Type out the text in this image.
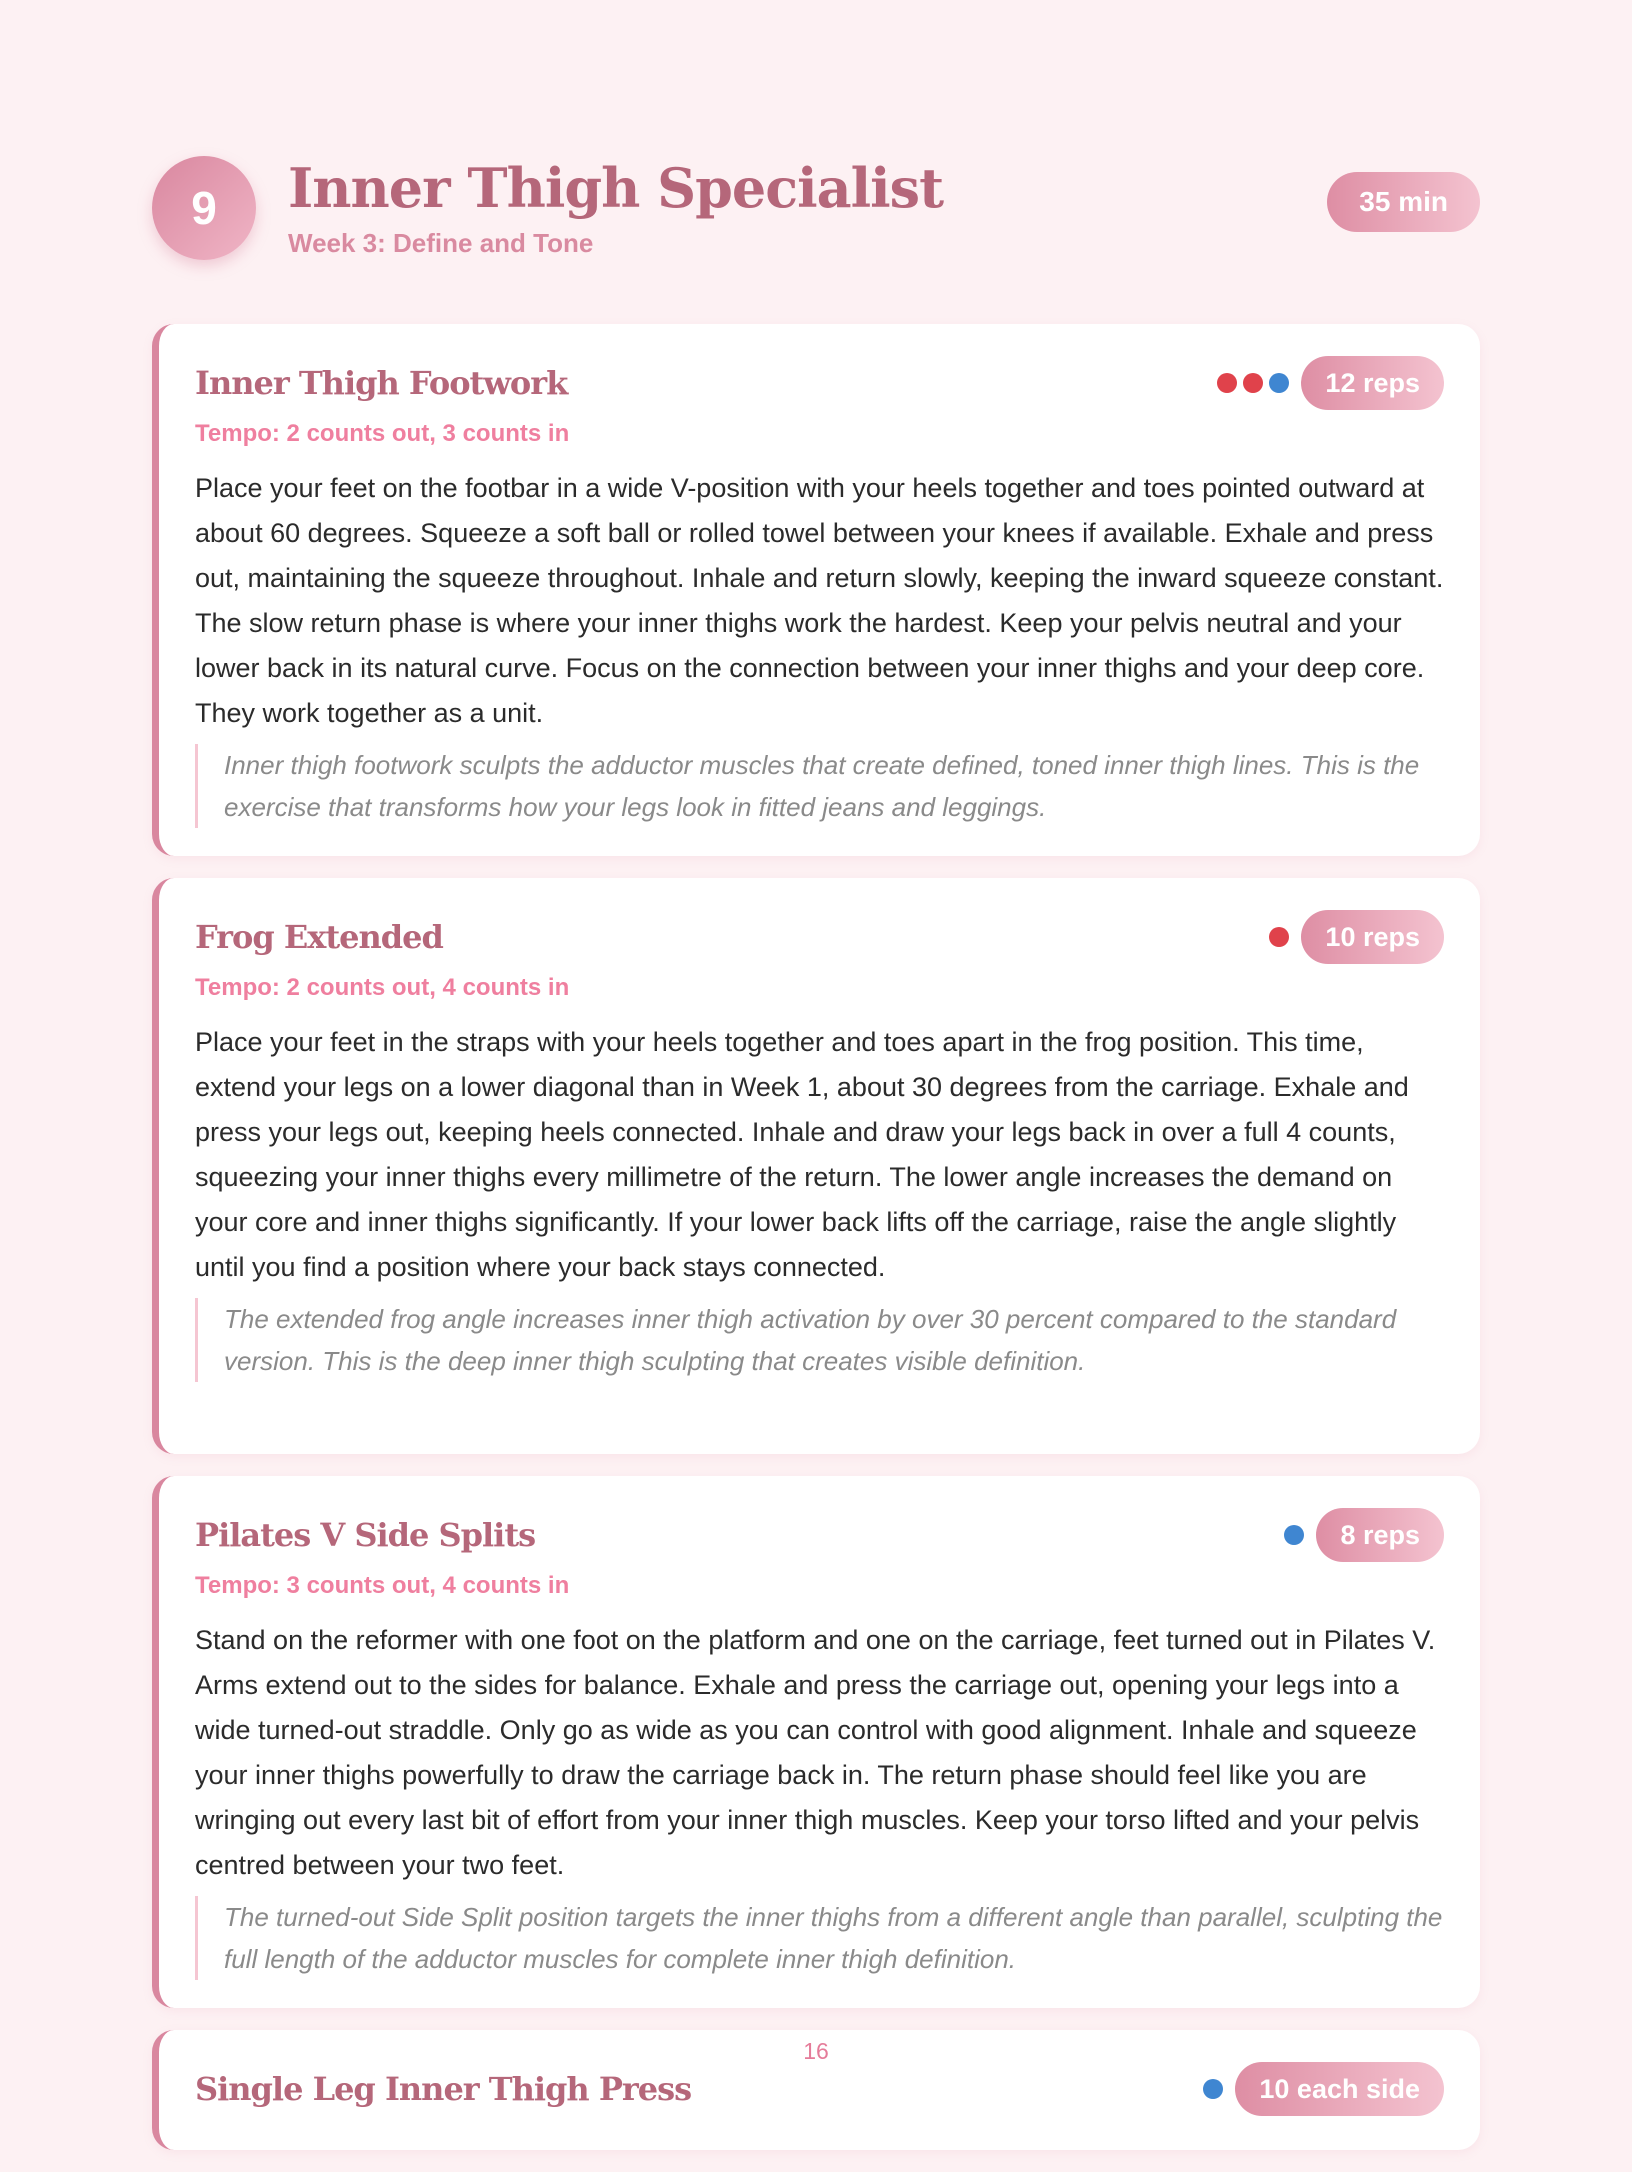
9	Inner Thigh Specialist
Week 3: Define and Tone
35 min
Inner Thigh Footwork	12 reps
Tempo: 2 counts out, 3 counts in

Place your feet on the footbar in a wide V-position with your heels together and toes pointed outward at about 60 degrees. Squeeze a soft ball or rolled towel between your knees if available. Exhale and press out, maintaining the squeeze throughout. Inhale and return slowly, keeping the inward squeeze constant. The slow return phase is where your inner thighs work the hardest. Keep your pelvis neutral and your lower back in its natural curve. Focus on the connection between your inner thighs and your deep core. They work together as a unit.

Inner thigh footwork sculpts the adductor muscles that create defined, toned inner thigh lines. This is the exercise that transforms how your legs look in fitted jeans and leggings.
Frog Extended	10 reps
Tempo: 2 counts out, 4 counts in

Place your feet in the straps with your heels together and toes apart in the frog position. This time, extend your legs on a lower diagonal than in Week 1, about 30 degrees from the carriage. Exhale and press your legs out, keeping heels connected. Inhale and draw your legs back in over a full 4 counts, squeezing your inner thighs every millimetre of the return. The lower angle increases the demand on your core and inner thighs significantly. If your lower back lifts off the carriage, raise the angle slightly until you find a position where your back stays connected.

The extended frog angle increases inner thigh activation by over 30 percent compared to the standard version. This is the deep inner thigh sculpting that creates visible definition.
Pilates V Side Splits	8 reps
Tempo: 3 counts out, 4 counts in

Stand on the reformer with one foot on the platform and one on the carriage, feet turned out in Pilates V. Arms extend out to the sides for balance. Exhale and press the carriage out, opening your legs into a wide turned-out straddle. Only go as wide as you can control with good alignment. Inhale and squeeze your inner thighs powerfully to draw the carriage back in. The return phase should feel like you are wringing out every last bit of effort from your inner thigh muscles. Keep your torso lifted and your pelvis centred between your two feet.

The turned-out Side Split position targets the inner thighs from a different angle than parallel, sculpting the full length of the adductor muscles for complete inner thigh definition.
Single Leg Inner Thigh Press	10 each side
16
